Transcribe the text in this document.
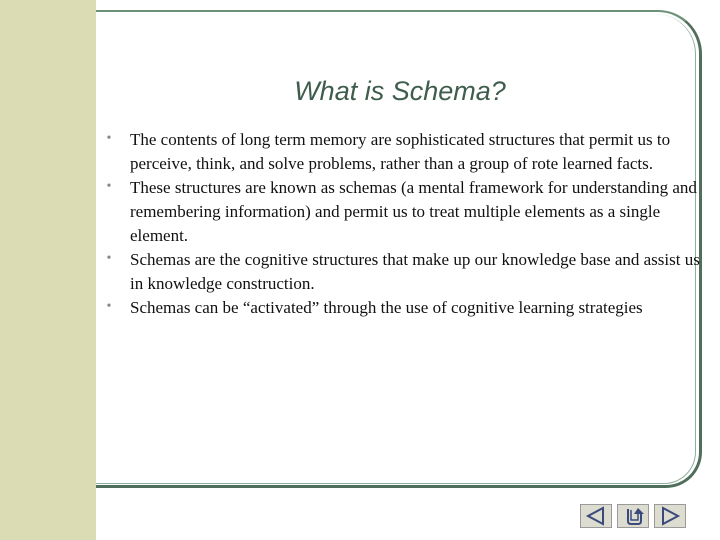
What is Schema?
• The contents of long term memory are sophisticated structures that permit us to perceive, think, and solve problems, rather than a group of rote learned facts.
• These structures are known as schemas (a mental framework for understanding and remembering information) and permit us to treat multiple elements as a single element.
• Schemas are the cognitive structures that make up our knowledge base and assist us in knowledge construction.
• Schemas can be “activated” through the use of cognitive learning strategies
